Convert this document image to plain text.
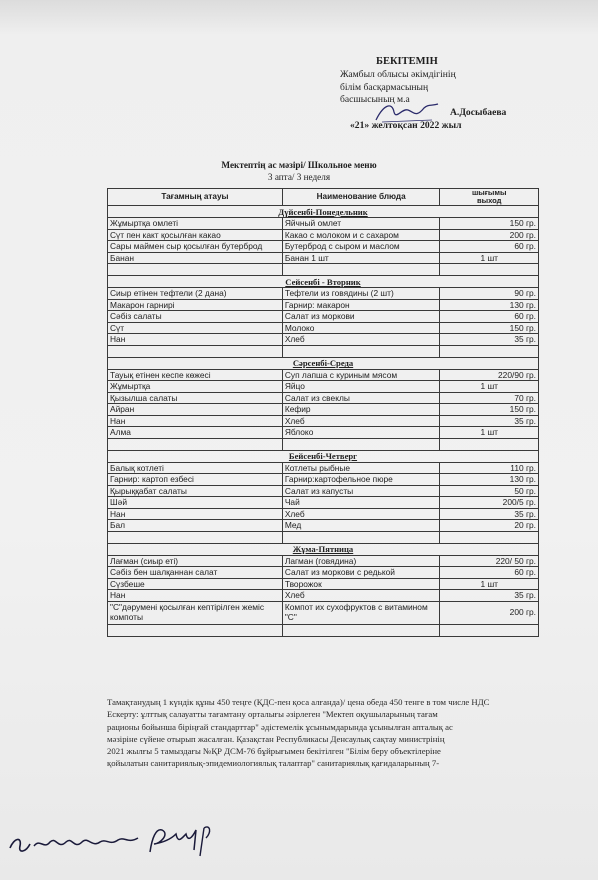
БЕКІТЕМІН
Жамбыл облысы әкімдігінің
білім басқармасының
басшысының м.а
А.Досыбаева
«21» желтоқсан 2022 жыл
Мектептің ас мәзірі/ Школьное меню
3 апта/ 3 неделя
Тағамның атауы	Наименование блюда	шығымы
выход
Дүйсенбі-Понедельник		
Жұмыртқа омлеті	Яйчный омлет	150 гр.
Сүт пен какт қосылған какао	Какао с молоком и с сахаром	200 гр.
Сары маймен сыр қосылған бутерброд	Бутерброд с сыром и маслом	60 гр.
Банан	Банан 1 шт	1 шт

Сейсенбі - Вторник		
Сиыр етінен тефтели (2 дана)	Тефтели из говядины (2 шт)	90 гр.
Макарон гарнирі	Гарнир: макарон	130 гр.
Сәбіз салаты	Салат из моркови	60 гр.
Сүт	Молоко	150 гр.
Нан	Хлеб	35 гр.

Сәрсенбі-Среда		
Тауық етінен кеспе көжесі	Суп лапша с куриным мясом	220/90 гр.
Жұмыртқа	Яйцо	1 шт
Қызылша салаты	Салат из свеклы	70 гр.
Айран	Кефир	150 гр.
Нан	Хлеб	35 гр.
Алма	Яблоко	1 шт

Бейсенбі-Четверг		
Балық котлеті	Котлеты рыбные	110 гр.
Гарнир: картоп езбесі	Гарнир:картофельное пюре	130 гр.
Қырыққабат салаты	Салат из капусты	50 гр.
Шәй	Чай	200/5 гр.
Нан	Хлеб	35 гр.
Бал	Мед	20 гр.

Жұма-Пятница		
Лағман (сиыр еті)	Лагман (говядина)	220/ 50 гр.
Сәбіз бен шалқаннан салат	Салат из моркови с редькой	60 гр.
Сүзбеше	Творожок	1 шт
Нан	Хлеб	35 гр.
"С"дәрумені қосылған кептірілген жеміс компоты	Компот их сухофруктов с витамином "С"	200 гр.

Тамақтанудың 1 күндік құны 450 теңге (ҚДС-пен қоса алғанда)/ цена обеда 450 тенге в том числе НДС

Ескерту: ұлттық салауатты тағамтану орталығы әзірлеген "Мектеп оқушыларының тағам

рационы бойынша біріңғай стандарттар" әдістемелік ұсынымдарында ұсынылған апталық ас

мәзіріне сүйене отырып жасалған. Қазақстан Республикасы Денсаулық сақтау министрінің

2021 жылғы 5 тамыздағы №ҚР ДСМ-76 бұйрығымен бекітілген "Білім беру объектілеріне

қойылатын санитариялық-эпидемиологиялық талаптар" санитариялық қағидаларының 7-
